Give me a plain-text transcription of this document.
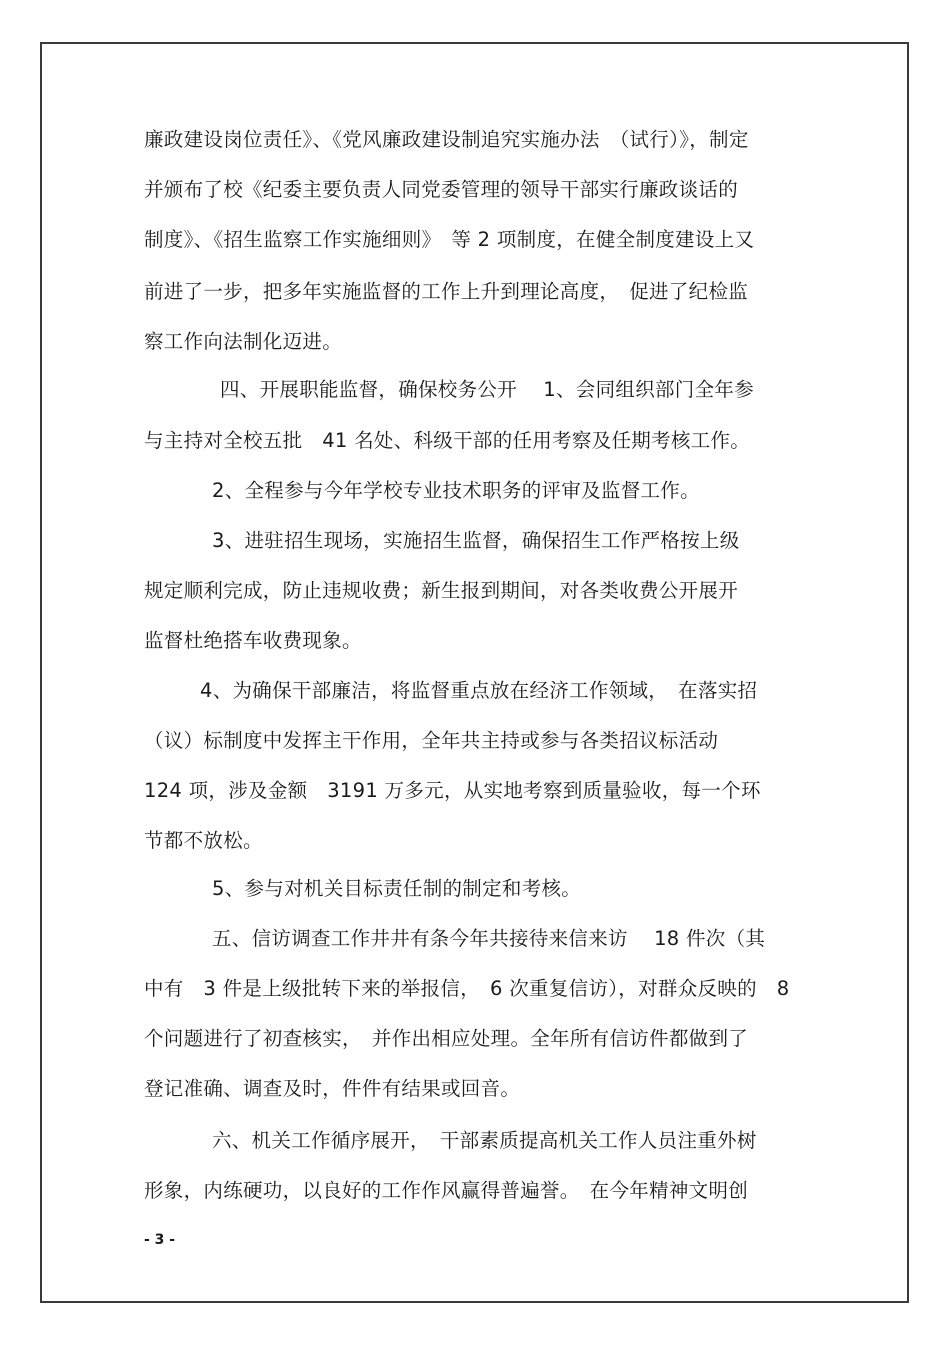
廉政建设岗位责任》、《党风廉政建设制追究实施办法　（试行）》，制定
并颁布了校《纪委主要负责人同党委管理的领导干部实行廉政谈话的
制度》、《招生监察工作实施细则》　等 2 项制度，在健全制度建设上又
前进了一步，把多年实施监督的工作上升到理论高度，　促进了纪检监
察工作向法制化迈进。
四、开展职能监督，确保校务公开　 1、会同组织部门全年参
与主持对全校五批　41 名处、科级干部的任用考察及任期考核工作。
2、全程参与今年学校专业技术职务的评审及监督工作。
3、进驻招生现场，实施招生监督，确保招生工作严格按上级
规定顺利完成，防止违规收费；新生报到期间，对各类收费公开展开
监督杜绝搭车收费现象。
4、为确保干部廉洁，将监督重点放在经济工作领域，　在落实招
（议）标制度中发挥主干作用，全年共主持或参与各类招议标活动
124 项，涉及金额　3191 万多元，从实地考察到质量验收，每一个环
节都不放松。
5、参与对机关目标责任制的制定和考核。
五、信访调查工作井井有条今年共接待来信来访　 18 件次（其
中有　3 件是上级批转下来的举报信，　6 次重复信访），对群众反映的　8
个问题进行了初查核实，　并作出相应处理。全年所有信访件都做到了
登记准确、调查及时，件件有结果或回音。
六、机关工作循序展开，　干部素质提高机关工作人员注重外树
形象，内练硬功，以良好的工作作风赢得普遍誉。　在今年精神文明创
- 3 -
